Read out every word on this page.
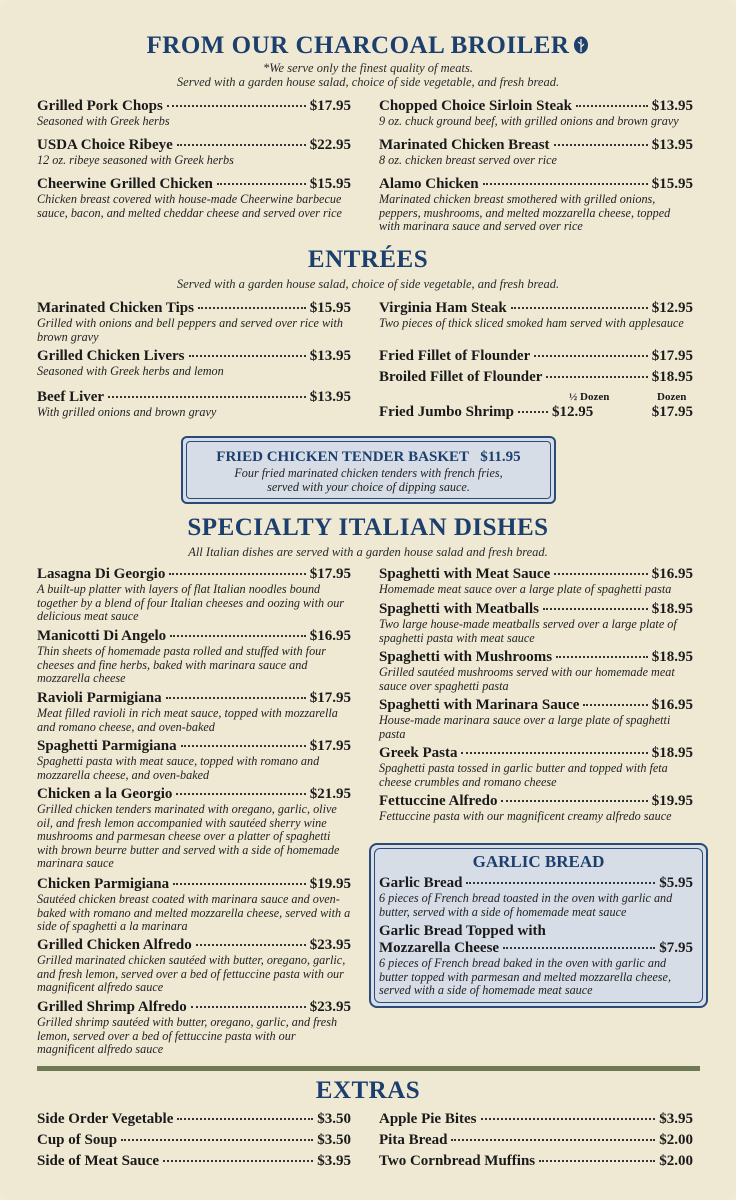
FROM OUR CHARCOAL BROILER
*We serve only the finest quality of meats.
Served with a garden house salad, choice of side vegetable, and fresh bread.
Grilled Pork Chops	$17.95
Seasoned with Greek herbs
USDA Choice Ribeye	$22.95
12 oz. ribeye seasoned with Greek herbs
Cheerwine Grilled Chicken	$15.95
Chicken breast covered with house-made Cheerwine barbecue sauce, bacon, and melted cheddar cheese and served over rice
Chopped Choice Sirloin Steak	$13.95
9 oz. chuck ground beef, with grilled onions and brown gravy
Marinated Chicken Breast	$13.95
8 oz. chicken breast served over rice
Alamo Chicken	$15.95
Marinated chicken breast smothered with grilled onions, peppers, mushrooms, and melted mozzarella cheese, topped with marinara sauce and served over rice
ENTRÉES
Served with a garden house salad, choice of side vegetable, and fresh bread.
Marinated Chicken Tips	$15.95
Grilled with onions and bell peppers and served over rice with brown gravy
Grilled Chicken Livers	$13.95
Seasoned with Greek herbs and lemon
Beef Liver	$13.95
With grilled onions and brown gravy
Virginia Ham Steak	$12.95
Two pieces of thick sliced smoked ham served with applesauce
Fried Fillet of Flounder	$17.95
Broiled Fillet of Flounder	$18.95
½ Dozen	Dozen
Fried Jumbo Shrimp	$12.95	$17.95
FRIED CHICKEN TENDER BASKET $11.95
Four fried marinated chicken tenders with french fries,
served with your choice of dipping sauce.
SPECIALTY ITALIAN DISHES
All Italian dishes are served with a garden house salad and fresh bread.
Lasagna Di Georgio	$17.95
A built-up platter with layers of flat Italian noodles bound together by a blend of four Italian cheeses and oozing with our delicious meat sauce
Manicotti Di Angelo	$16.95
Thin sheets of homemade pasta rolled and stuffed with four cheeses and fine herbs, baked with marinara sauce and mozzarella cheese
Ravioli Parmigiana	$17.95
Meat filled ravioli in rich meat sauce, topped with mozzarella and romano cheese, and oven-baked
Spaghetti Parmigiana	$17.95
Spaghetti pasta with meat sauce, topped with romano and mozzarella cheese, and oven-baked
Chicken a la Georgio	$21.95
Grilled chicken tenders marinated with oregano, garlic, olive oil, and fresh lemon accompanied with sautéed sherry wine mushrooms and parmesan cheese over a platter of spaghetti with brown beurre butter and served with a side of homemade marinara sauce
Chicken Parmigiana	$19.95
Sautéed chicken breast coated with marinara sauce and oven-baked with romano and melted mozzarella cheese, served with a side of spaghetti a la marinara
Grilled Chicken Alfredo	$23.95
Grilled marinated chicken sautéed with butter, oregano, garlic, and fresh lemon, served over a bed of fettuccine pasta with our magnificent alfredo sauce
Grilled Shrimp Alfredo	$23.95
Grilled shrimp sautéed with butter, oregano, garlic, and fresh lemon, served over a bed of fettuccine pasta with our magnificent alfredo sauce
Spaghetti with Meat Sauce	$16.95
Homemade meat sauce over a large plate of spaghetti pasta
Spaghetti with Meatballs	$18.95
Two large house-made meatballs served over a large plate of spaghetti pasta with meat sauce
Spaghetti with Mushrooms	$18.95
Grilled sautéed mushrooms served with our homemade meat sauce over spaghetti pasta
Spaghetti with Marinara Sauce	$16.95
House-made marinara sauce over a large plate of spaghetti pasta
Greek Pasta	$18.95
Spaghetti pasta tossed in garlic butter and topped with feta cheese crumbles and romano cheese
Fettuccine Alfredo	$19.95
Fettuccine pasta with our magnificent creamy alfredo sauce
GARLIC BREAD
Garlic Bread	$5.95
6 pieces of French bread toasted in the oven with garlic and butter, served with a side of homemade meat sauce
Garlic Bread Topped with
Mozzarella Cheese	$7.95
6 pieces of French bread baked in the oven with garlic and butter topped with parmesan and melted mozzarella cheese, served with a side of homemade meat sauce
EXTRAS
Side Order Vegetable	$3.50
Cup of Soup	$3.50
Side of Meat Sauce	$3.95
Apple Pie Bites	$3.95
Pita Bread	$2.00
Two Cornbread Muffins	$2.00
